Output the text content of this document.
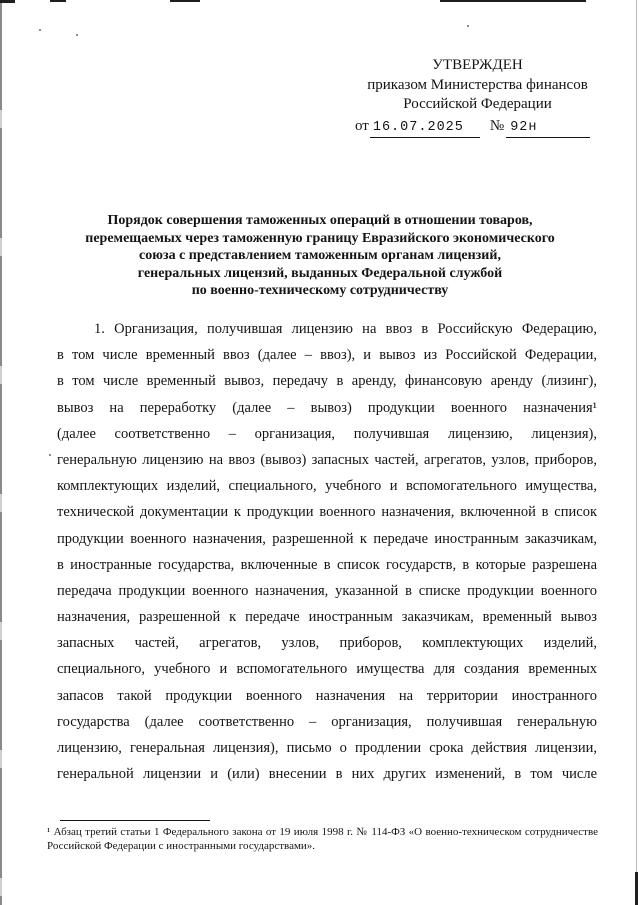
УТВЕРЖДЕН
приказом Министерства финансов
Российской Федерации
от 16.07.2025 № 92н
Порядок совершения таможенных операций в отношении товаров,
перемещаемых через таможенную границу Евразийского экономического
союза с представлением таможенным органам лицензий,
генеральных лицензий, выданных Федеральной службой
по военно-техническому сотрудничеству
1. Организация, получившая лицензию на ввоз в Российскую Федерацию,
в том числе временный ввоз (далее – ввоз), и вывоз из Российской Федерации,
в том числе временный вывоз, передачу в аренду, финансовую аренду (лизинг),
вывоз на переработку (далее – вывоз) продукции военного назначения¹
(далее соответственно – организация, получившая лицензию, лицензия),
генеральную лицензию на ввоз (вывоз) запасных частей, агрегатов, узлов, приборов,
комплектующих изделий, специального, учебного и вспомогательного имущества,
технической документации к продукции военного назначения, включенной в список
продукции военного назначения, разрешенной к передаче иностранным заказчикам,
в иностранные государства, включенные в список государств, в которые разрешена
передача продукции военного назначения, указанной в списке продукции военного
назначения, разрешенной к передаче иностранным заказчикам, временный вывоз
запасных частей, агрегатов, узлов, приборов, комплектующих изделий,
специального, учебного и вспомогательного имущества для создания временных
запасов такой продукции военного назначения на территории иностранного
государства (далее соответственно – организация, получившая генеральную
лицензию, генеральная лицензия), письмо о продлении срока действия лицензии,
генеральной лицензии и (или) внесении в них других изменений, в том числе
¹ Абзац третий статьи 1 Федерального закона от 19 июля 1998 г. № 114-ФЗ «О военно-техническом сотрудничестве
Российской Федерации с иностранными государствами».
